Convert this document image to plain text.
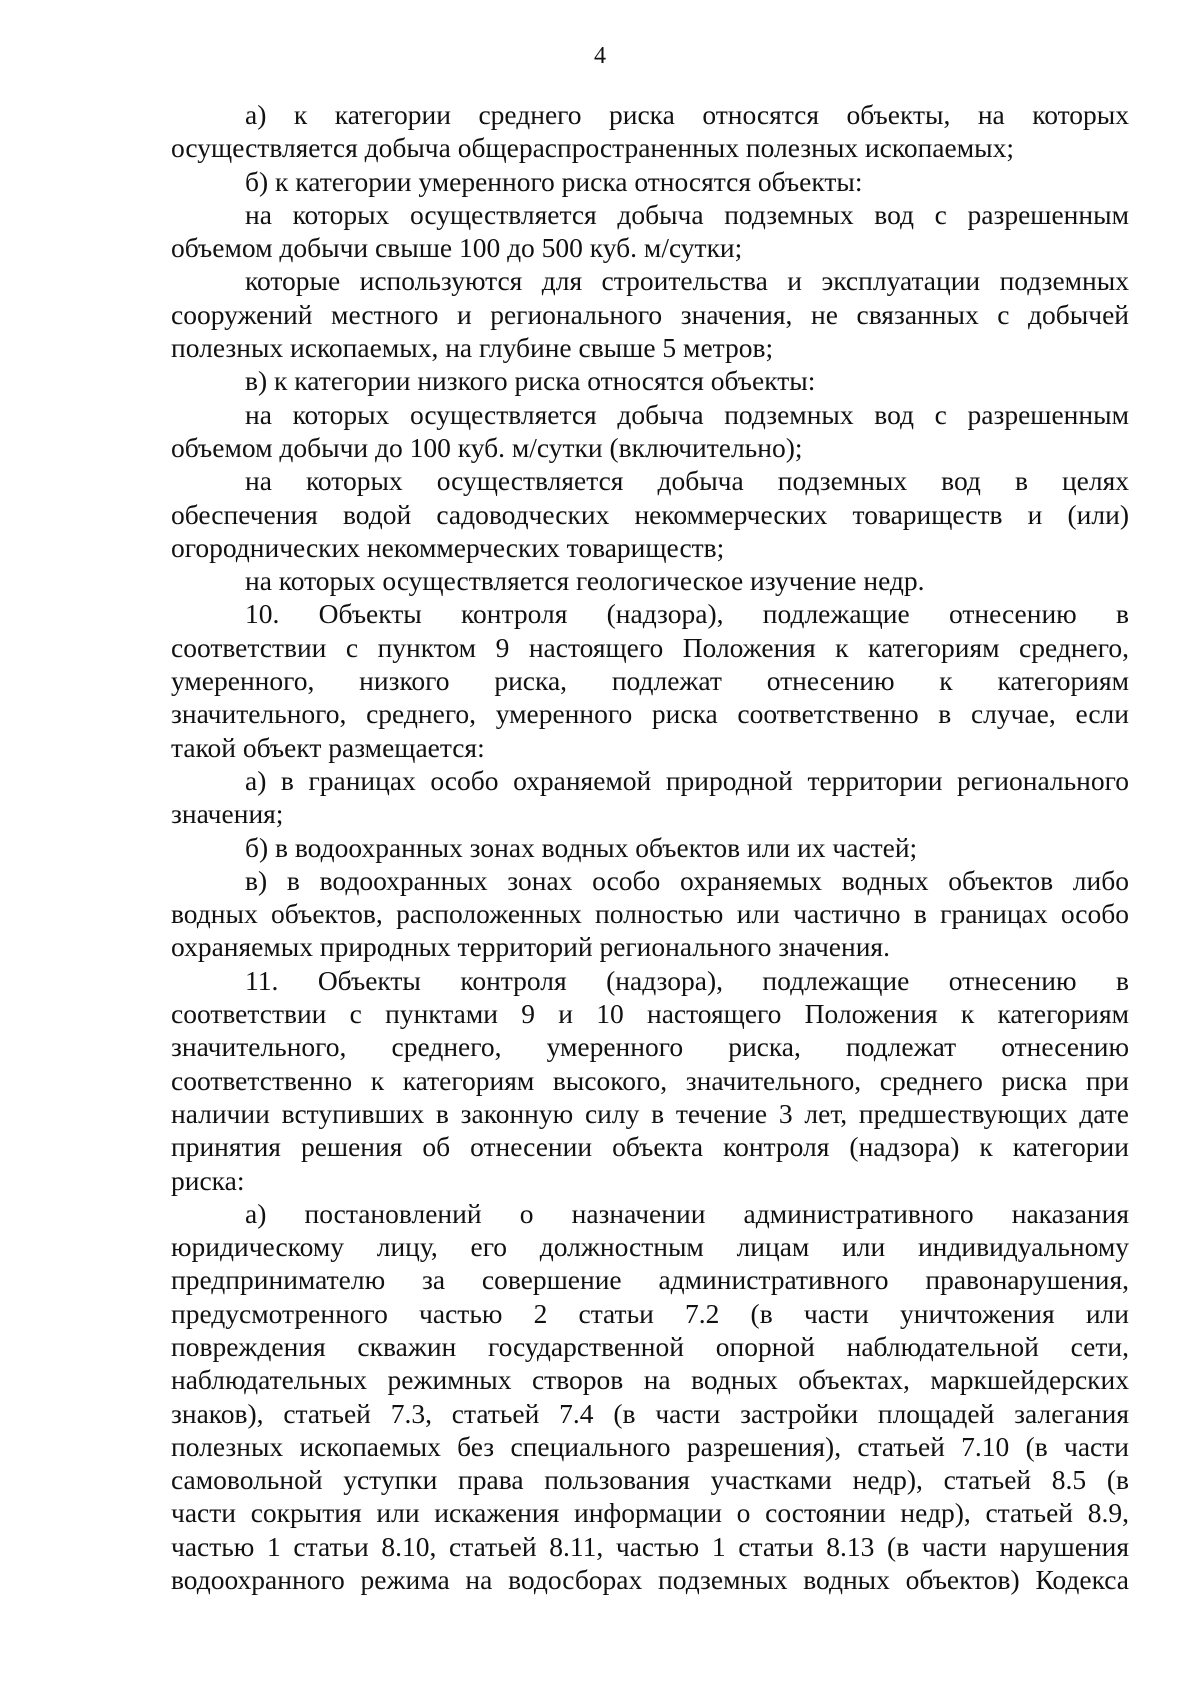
4
а) к категории среднего риска относятся объекты, на которых
осуществляется добыча общераспространенных полезных ископаемых;
б) к категории умеренного риска относятся объекты:
на которых осуществляется добыча подземных вод с разрешенным
объемом добычи свыше 100 до 500 куб. м/сутки;
которые используются для строительства и эксплуатации подземных
сооружений местного и регионального значения, не связанных с добычей
полезных ископаемых, на глубине свыше 5 метров;
в) к категории низкого риска относятся объекты:
на которых осуществляется добыча подземных вод с разрешенным
объемом добычи до 100 куб. м/сутки (включительно);
на которых осуществляется добыча подземных вод в целях
обеспечения водой садоводческих некоммерческих товариществ и (или)
огороднических некоммерческих товариществ;
на которых осуществляется геологическое изучение недр.
10. Объекты контроля (надзора), подлежащие отнесению в
соответствии с пунктом 9 настоящего Положения к категориям среднего,
умеренного, низкого риска, подлежат отнесению к категориям
значительного, среднего, умеренного риска соответственно в случае, если
такой объект размещается:
а) в границах особо охраняемой природной территории регионального
значения;
б) в водоохранных зонах водных объектов или их частей;
в) в водоохранных зонах особо охраняемых водных объектов либо
водных объектов, расположенных полностью или частично в границах особо
охраняемых природных территорий регионального значения.
11. Объекты контроля (надзора), подлежащие отнесению в
соответствии с пунктами 9 и 10 настоящего Положения к категориям
значительного, среднего, умеренного риска, подлежат отнесению
соответственно к категориям высокого, значительного, среднего риска при
наличии вступивших в законную силу в течение 3 лет, предшествующих дате
принятия решения об отнесении объекта контроля (надзора) к категории
риска:
а) постановлений о назначении административного наказания
юридическому лицу, его должностным лицам или индивидуальному
предпринимателю за совершение административного правонарушения,
предусмотренного частью 2 статьи 7.2 (в части уничтожения или
повреждения скважин государственной опорной наблюдательной сети,
наблюдательных режимных створов на водных объектах, маркшейдерских
знаков), статьей 7.3, статьей 7.4 (в части застройки площадей залегания
полезных ископаемых без специального разрешения), статьей 7.10 (в части
самовольной уступки права пользования участками недр), статьей 8.5 (в
части сокрытия или искажения информации о состоянии недр), статьей 8.9,
частью 1 статьи 8.10, статьей 8.11, частью 1 статьи 8.13 (в части нарушения
водоохранного режима на водосборах подземных водных объектов) Кодекса
